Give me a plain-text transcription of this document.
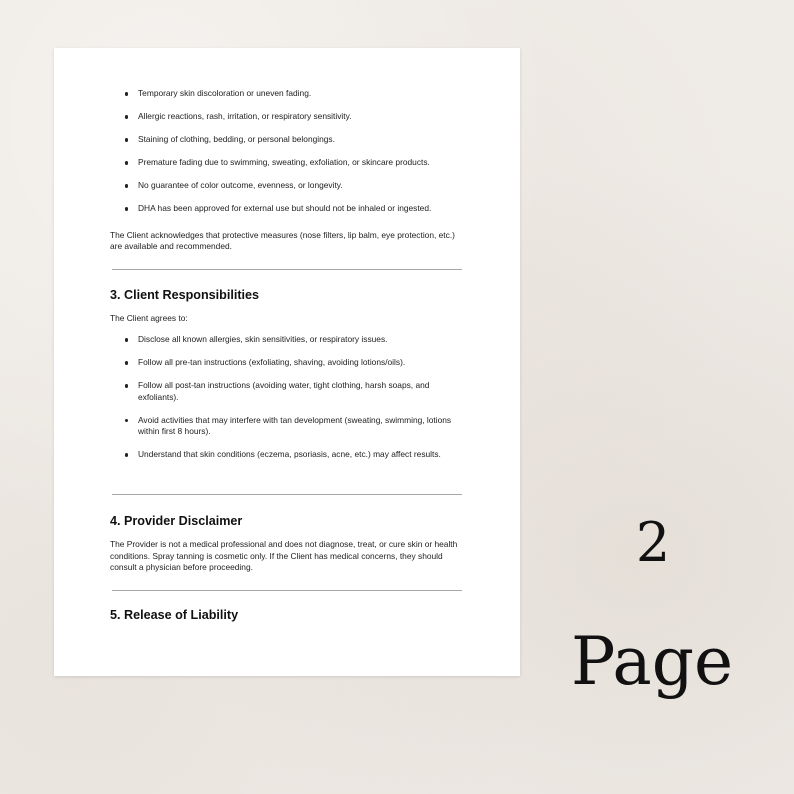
Temporary skin discoloration or uneven fading.
Allergic reactions, rash, irritation, or respiratory sensitivity.
Staining of clothing, bedding, or personal belongings.
Premature fading due to swimming, sweating, exfoliation, or skincare products.
No guarantee of color outcome, evenness, or longevity.
DHA has been approved for external use but should not be inhaled or ingested.

The Client acknowledges that protective measures (nose filters, lip balm, eye protection, etc.) are available and recommended.

3. Client Responsibilities

The Client agrees to:

Disclose all known allergies, skin sensitivities, or respiratory issues.
Follow all pre-tan instructions (exfoliating, shaving, avoiding lotions/oils).
Follow all post-tan instructions (avoiding water, tight clothing, harsh soaps, and exfoliants).
Avoid activities that may interfere with tan development (sweating, swimming, lotions within first 8 hours).
Understand that skin conditions (eczema, psoriasis, acne, etc.) may affect results.
4. Provider Disclaimer

The Provider is not a medical professional and does not diagnose, treat, or cure skin or health conditions. Spray tanning is cosmetic only. If the Client has medical concerns, they should consult a physician before proceeding.

5. Release of Liability
2
Page
